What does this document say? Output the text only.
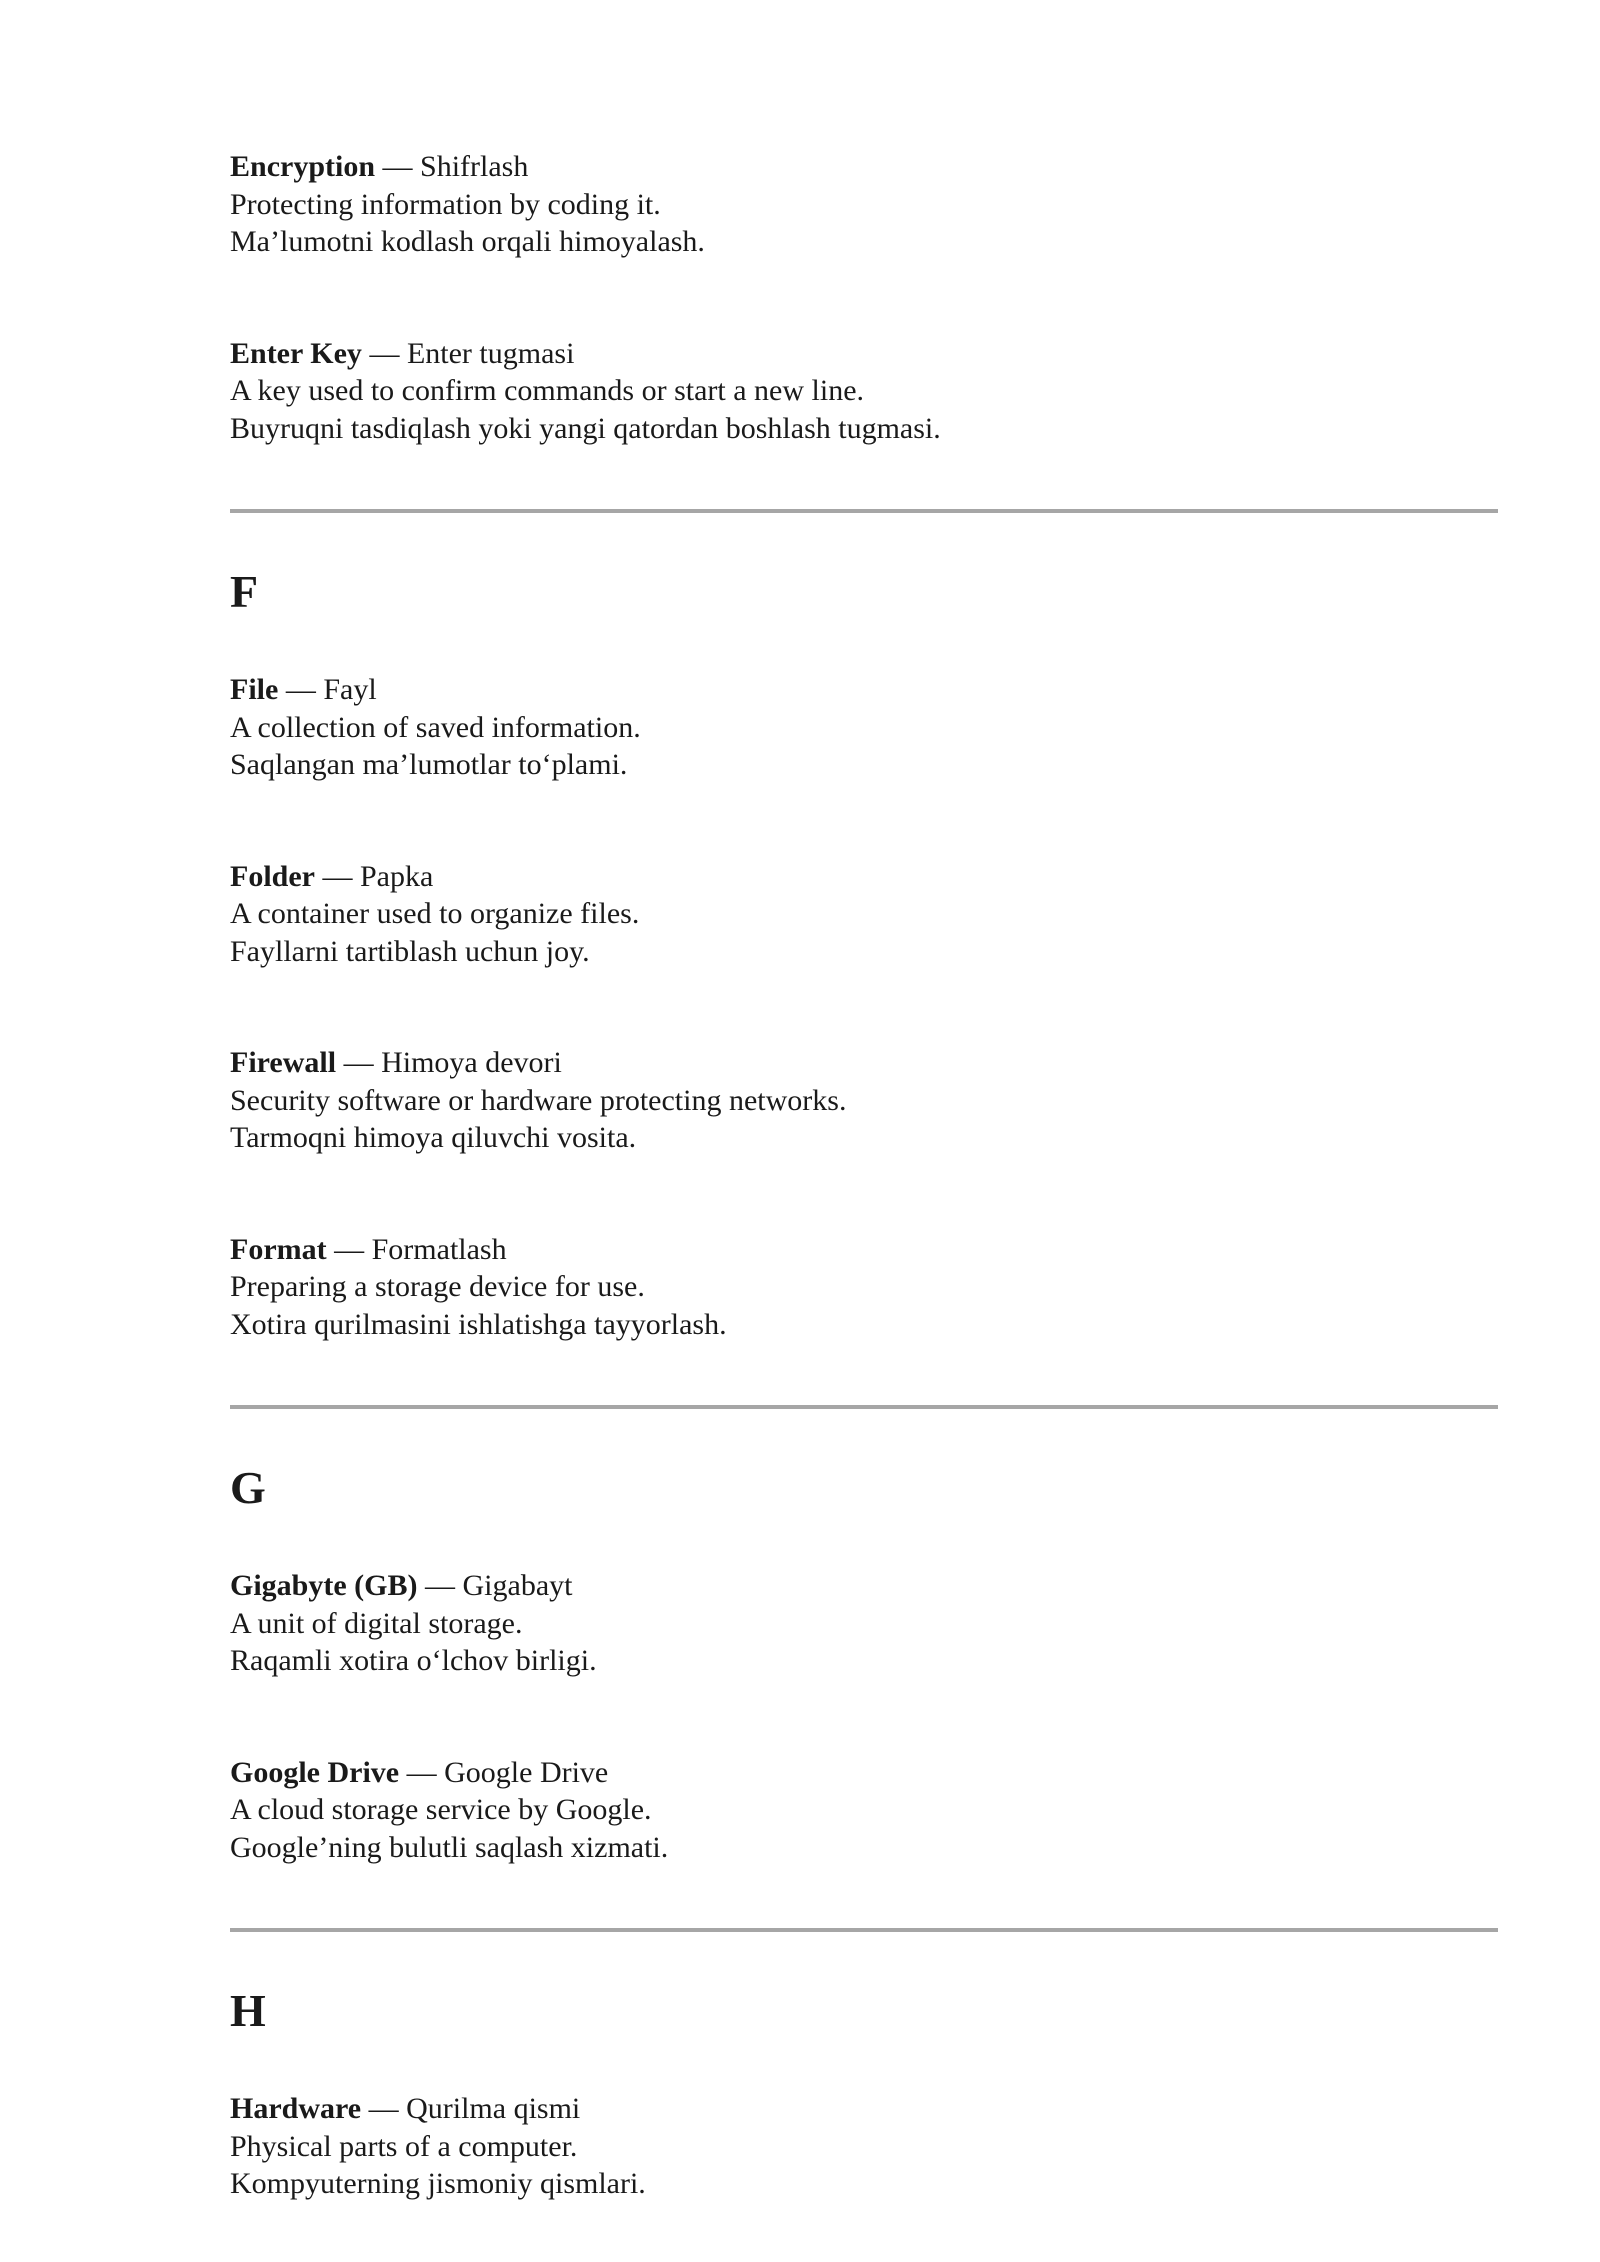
Encryption — Shifrlash

Protecting information by coding it.

Ma’lumotni kodlash orqali himoyalash.

Enter Key — Enter tugmasi

A key used to confirm commands or start a new line.

Buyruqni tasdiqlash yoki yangi qatordan boshlash tugmasi.

F

File — Fayl

A collection of saved information.

Saqlangan ma’lumotlar to‘plami.

Folder — Papka

A container used to organize files.

Fayllarni tartiblash uchun joy.

Firewall — Himoya devori

Security software or hardware protecting networks.

Tarmoqni himoya qiluvchi vosita.

Format — Formatlash

Preparing a storage device for use.

Xotira qurilmasini ishlatishga tayyorlash.

G

Gigabyte (GB) — Gigabayt

A unit of digital storage.

Raqamli xotira o‘lchov birligi.

Google Drive — Google Drive

A cloud storage service by Google.

Google’ning bulutli saqlash xizmati.

H

Hardware — Qurilma qismi

Physical parts of a computer.

Kompyuterning jismoniy qismlari.
